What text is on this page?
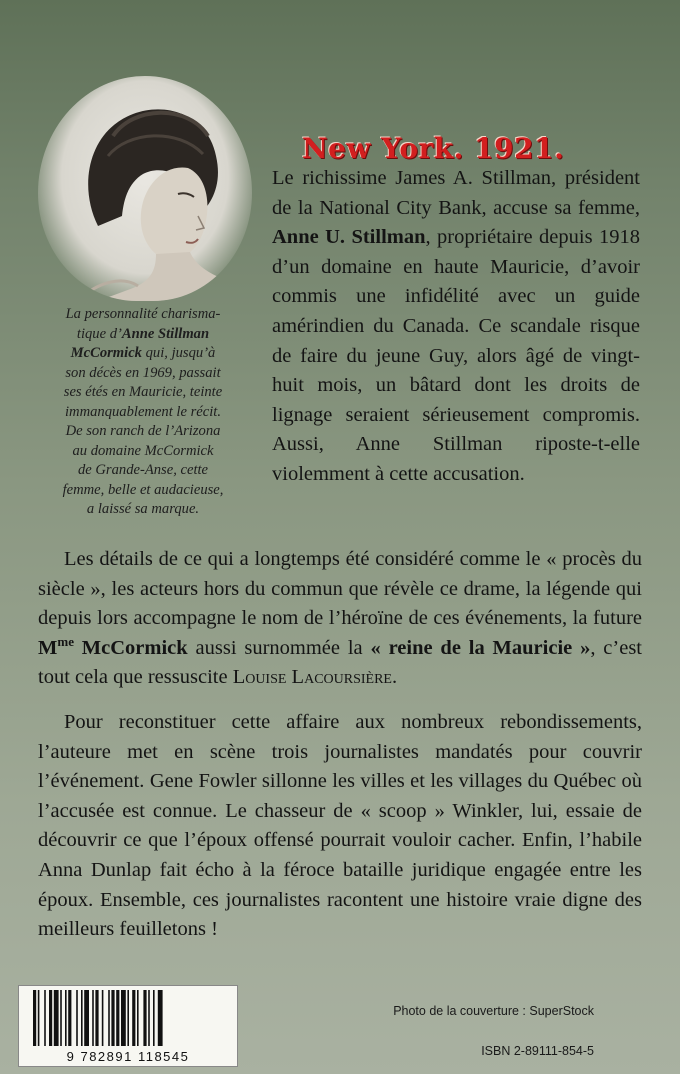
La personnalité charisma-
tique d’Anne Stillman
McCormick qui, jusqu’à
son décès en 1969, passait
ses étés en Mauricie, teinte
immanquablement le récit.
De son ranch de l’Arizona
au domaine McCormick
de Grande-Anse, cette
femme, belle et audacieuse,
a laissé sa marque.
New York. 1921.
Le richissime James A. Stillman, président de la National City Bank, accuse sa femme, Anne U. Stillman, propriétaire depuis 1918 d’un domaine en haute Mauricie, d’avoir commis une infidélité avec un guide amérindien du Canada. Ce scandale risque de faire du jeune Guy, alors âgé de vingt-huit mois, un bâtard dont les droits de lignage seraient sérieusement compromis. Aussi, Anne Stillman riposte-t-elle violemment à cette accusation.
Les détails de ce qui a longtemps été considéré comme le « procès du siècle », les acteurs hors du commun que révèle ce drame, la légende qui depuis lors accompagne le nom de l’héroïne de ces événements, la future $M^{me}$ McCormick aussi surnommée la « reine de la Mauricie », c’est tout cela que ressuscite Louise Lacoursière.
Pour reconstituer cette affaire aux nombreux rebondissements, l’auteure met en scène trois journalistes mandatés pour couvrir l’événement. Gene Fowler sillonne les villes et les villages du Québec où l’accusée est connue. Le chasseur de « scoop » Winkler, lui, essaie de découvrir ce que l’époux offensé pourrait vouloir cacher. Enfin, l’habile Anna Dunlap fait écho à la féroce bataille juridique engagée entre les époux. Ensemble, ces journalistes racontent une histoire vraie digne des meilleurs feuilletons !
9 782891 118545
Photo de la couverture : SuperStock
ISBN 2-89111-854-5
